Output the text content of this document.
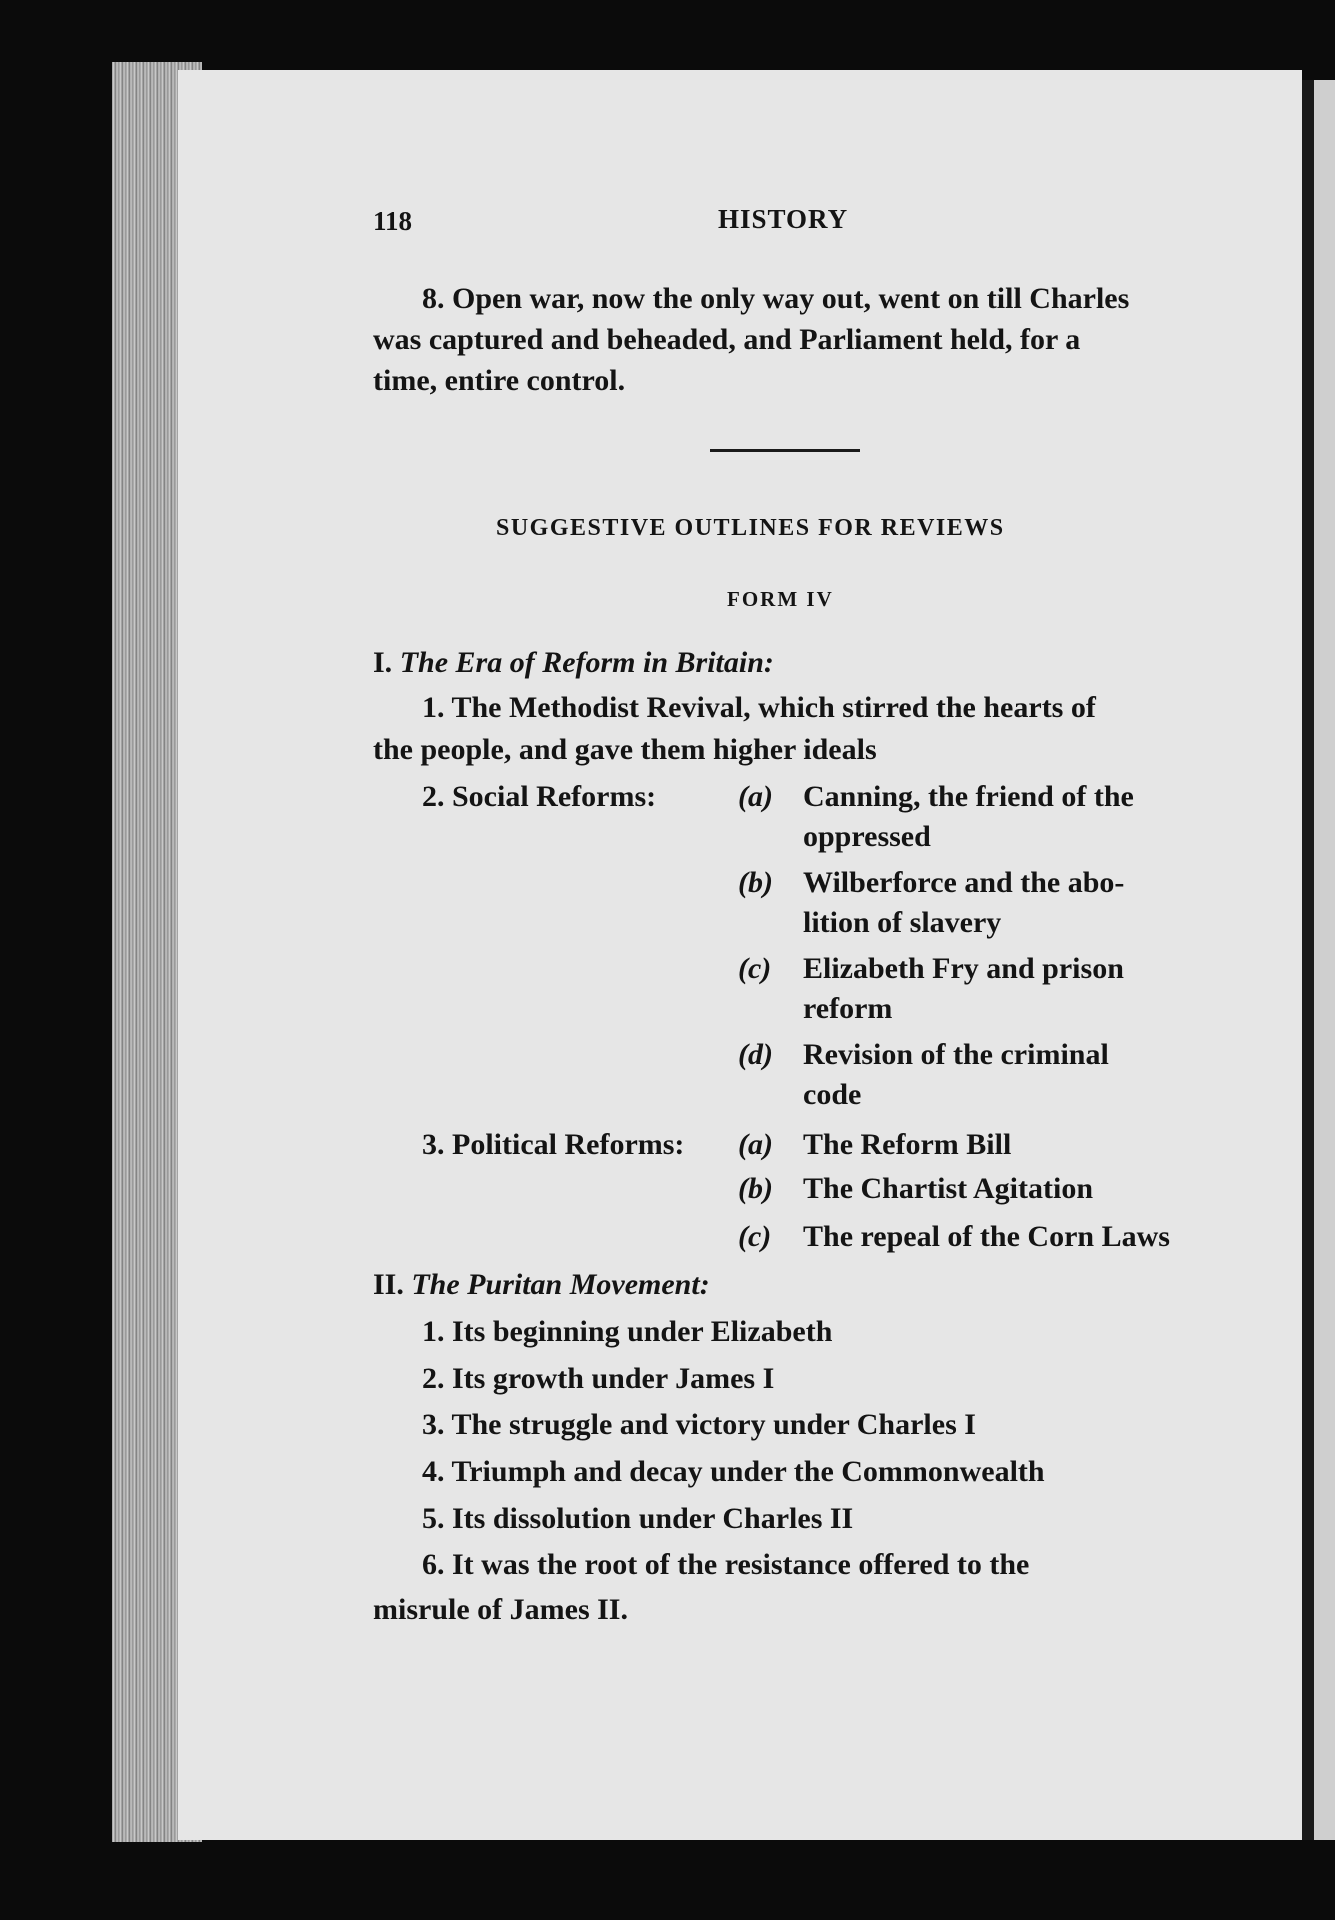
118	HISTORY
8. Open war, now the only way out, went on till Charles
was captured and beheaded, and Parliament held, for a
time, entire control.
SUGGESTIVE OUTLINES FOR REVIEWS
FORM IV
I. The Era of Reform in Britain:
1. The Methodist Revival, which stirred the hearts of
the people, and gave them higher ideals
2. Social Reforms:	(a) Canning, the friend of the
oppressed
(b) Wilberforce and the abo-
lition of slavery
(c) Elizabeth Fry and prison
reform
(d) Revision of the criminal
code
3. Political Reforms: (a) The Reform Bill
(b) The Chartist Agitation
(c) The repeal of the Corn Laws
II. The Puritan Movement:
1. Its beginning under Elizabeth
2. Its growth under James I
3. The struggle and victory under Charles I
4. Triumph and decay under the Commonwealth
5. Its dissolution under Charles II
6. It was the root of the resistance offered to the
misrule of James II.
